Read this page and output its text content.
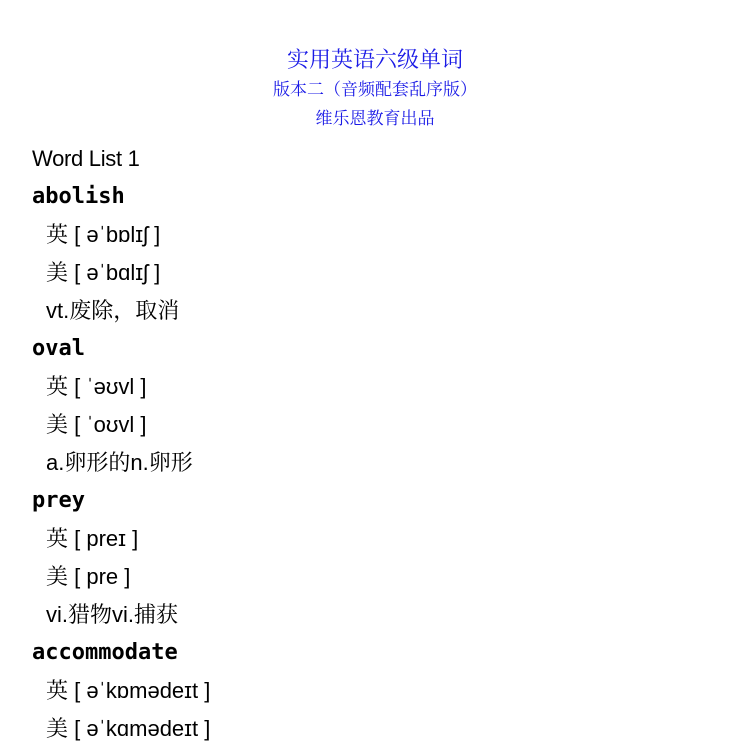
实用英语六级单词
版本二（音频配套乱序版）
维乐恩教育出品
Word List 1
abolish
英 [ əˈbɒlɪʃ ]
美 [ əˈbɑlɪʃ ]
vt.废除，取消
oval
英 [ ˈəʊvl ]
美 [ ˈoʊvl ]
a.卵形的n.卵形
prey
英 [ preɪ ]
美 [ pre ]
vi.猎物vi.捕获
accommodate
英 [ əˈkɒmədeɪt ]
美 [ əˈkɑmədeɪt ]
